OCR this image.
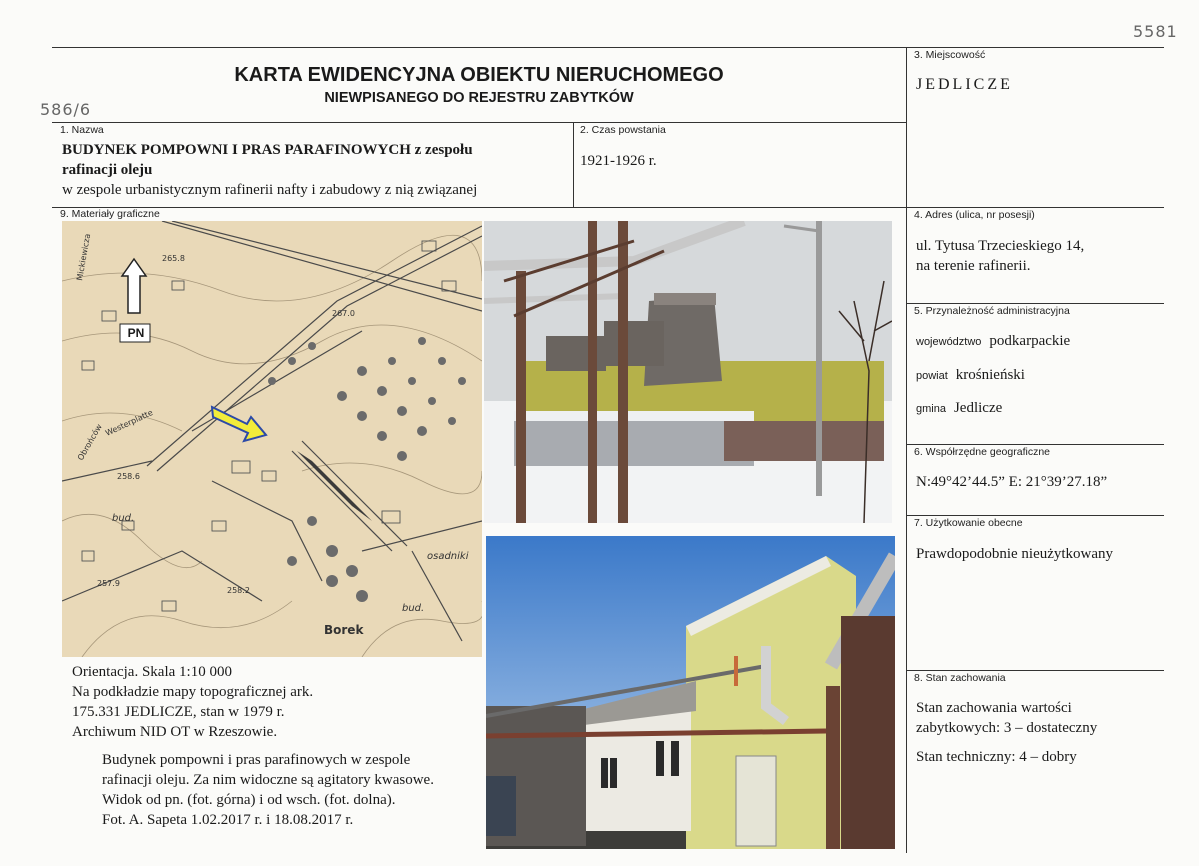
5581
586/6
KARTA EWIDENCYJNA OBIEKTU NIERUCHOMEGO
NIEWPISANEGO DO REJESTRU ZABYTKÓW
3. Miejscowość
JEDLICZE
1. Nazwa
BUDYNEK POMPOWNI I PRAS PARAFINOWYCH z zespołu
rafinacji oleju
w zespole urbanistycznym rafinerii nafty i zabudowy z nią związanej
2. Czas powstania
1921-1926 r.
9. Materiały graficzne
265.8
267.0
258.6
258.2
257.9
Obrońców Westerplatte
Mickiewicza
bud.
bud.
osadniki
Borek
PN
Orientacja. Skala 1:10 000
Na podkładzie mapy topograficznej ark.
175.331 JEDLICZE, stan w 1979 r.
Archiwum NID OT w Rzeszowie.
Budynek pompowni i pras parafinowych w zespole
rafinacji oleju. Za nim widoczne są agitatory kwasowe.
Widok od pn. (fot. górna) i od wsch. (fot. dolna).
Fot. A. Sapeta 1.02.2017 r. i 18.08.2017 r.
4. Adres (ulica, nr posesji)
ul. Tytusa Trzecieskiego 14,
na terenie rafinerii.
5. Przynależność administracyjna
województwo podkarpackie
powiat krośnieński
gmina Jedlicze
6. Współrzędne geograficzne
N:49°42’44.5” E: 21°39’27.18”
7. Użytkowanie obecne
Prawdopodobnie nieużytkowany
8. Stan zachowania
Stan zachowania wartości
zabytkowych: 3 – dostateczny
Stan techniczny: 4 – dobry
